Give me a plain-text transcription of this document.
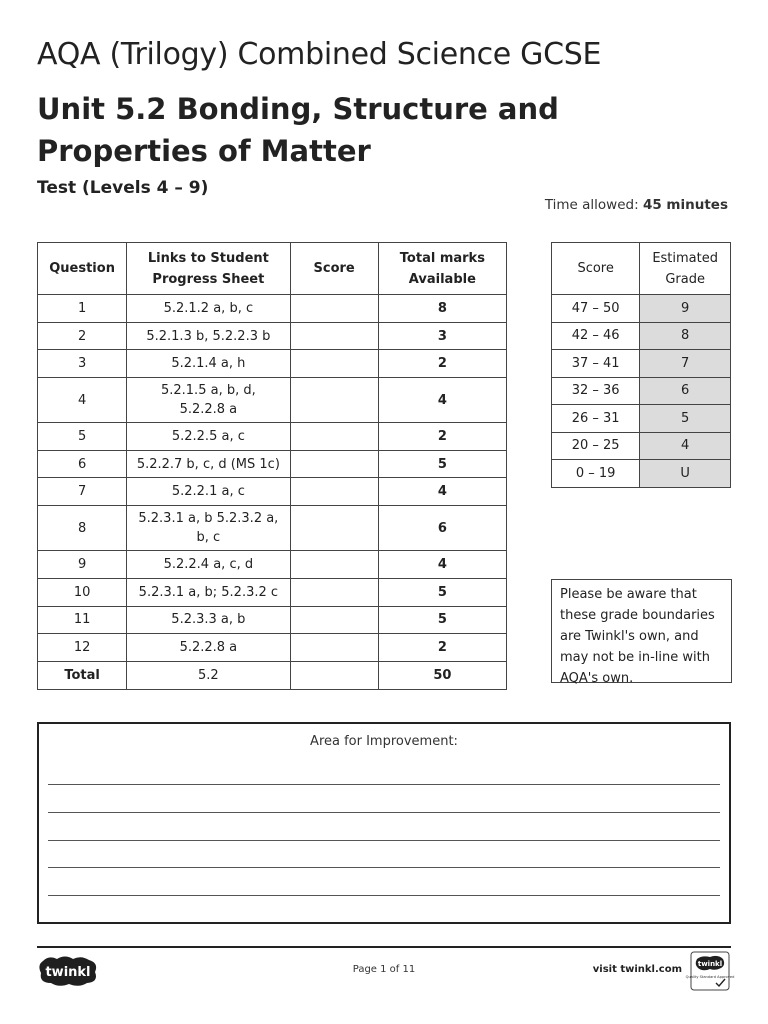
AQA (Trilogy) Combined Science GCSE
Unit 5.2 Bonding, Structure and Properties of Matter
Test (Levels 4 – 9)
Time allowed: 45 minutes
Question	Links to Student Progress Sheet	Score	Total marks Available
1	5.2.1.2 a, b, c		8
2	5.2.1.3 b, 5.2.2.3 b		3
3	5.2.1.4 a, h		2
4	5.2.1.5 a, b, d, 5.2.2.8 a		4
5	5.2.2.5 a, c		2
6	5.2.2.7 b, c, d (MS 1c)		5
7	5.2.2.1 a, c		4
8	5.2.3.1 a, b 5.2.3.2 a, b, c		6
9	5.2.2.4 a, c, d		4
10	5.2.3.1 a, b; 5.2.3.2 c		5
11	5.2.3.3 a, b		5
12	5.2.2.8 a		2
Total	5.2		50
Score	Estimated Grade
47 – 50	9
42 – 46	8
37 – 41	7
32 – 36	6
26 – 31	5
20 – 25	4
0 – 19	U
Please be aware that these grade boundaries are Twinkl's own, and may not be in-line with AQA's own.
Area for Improvement:
twinkl	Page 1 of 11	visit twinkl.com twinkl
Quality Standard Approved
